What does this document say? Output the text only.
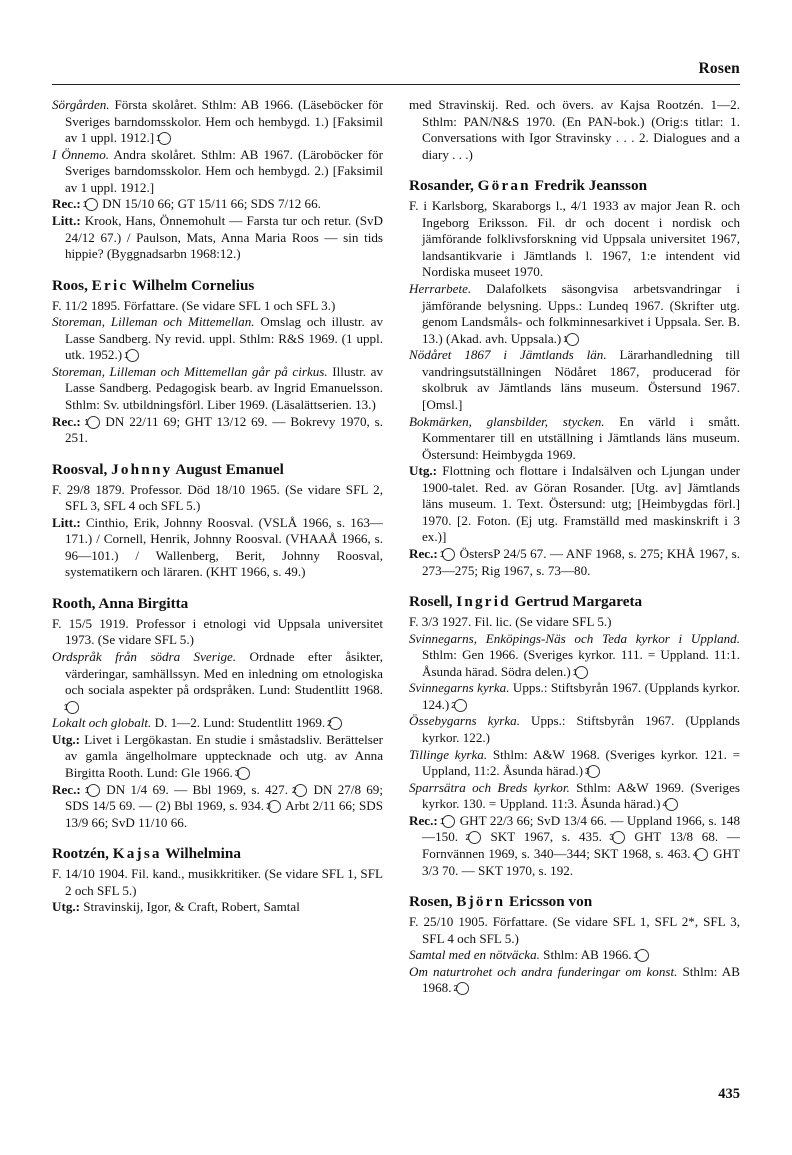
Rosen

Sörgården. Första skolåret. Sthlm: AB 1966. (Läseböcker för Sveriges barndomsskolor. Hem och hembygd. 1.) [Faksimil av 1 uppl. 1912.] 1

I Önnemo. Andra skolåret. Sthlm: AB 1967. (Läroböcker för Sveriges barndomsskolor. Hem och hembygd. 2.) [Faksimil av 1 uppl. 1912.]

Rec.: 1 DN 15/10 66; GT 15/11 66; SDS 7/12 66.

Litt.: Krook, Hans, Önnemohult — Farsta tur och retur. (SvD 24/12 67.) / Paulson, Mats, Anna Maria Roos — sin tids hippie? (Byggnadsarbn 1968:12.)

Roos, Eric Wilhelm Cornelius

F. 11/2 1895. Författare. (Se vidare SFL 1 och SFL 3.)

Storeman, Lilleman och Mittemellan. Omslag och illustr. av Lasse Sandberg. Ny revid. uppl. Sthlm: R&S 1969. (1 uppl. utk. 1952.) 1

Storeman, Lilleman och Mittemellan går på cirkus. Illustr. av Lasse Sandberg. Pedagogisk bearb. av Ingrid Emanuelsson. Sthlm: Sv. utbildningsförl. Liber 1969. (Läsalättserien. 13.)

Rec.: 1 DN 22/11 69; GHT 13/12 69. — Bokrevy 1970, s. 251.

Roosval, Johnny August Emanuel

F. 29/8 1879. Professor. Död 18/10 1965. (Se vidare SFL 2, SFL 3, SFL 4 och SFL 5.)

Litt.: Cinthio, Erik, Johnny Roosval. (VSLÅ 1966, s. 163—171.) / Cornell, Henrik, Johnny Roosval. (VHAAÅ 1966, s. 96—101.) / Wallenberg, Berit, Johnny Roosval, systematikern och läraren. (KHT 1966, s. 49.)

Rooth, Anna Birgitta

F. 15/5 1919. Professor i etnologi vid Uppsala universitet 1973. (Se vidare SFL 5.)

Ordspråk från södra Sverige. Ordnade efter åsikter, värderingar, samhällssyn. Med en inledning om etnologiska och sociala aspekter på ordspråken. Lund: Studentlitt 1968. 1

Lokalt och globalt. D. 1—2. Lund: Studentlitt 1969. 2

Utg.: Livet i Lergökastan. En studie i småstadsliv. Berättelser av gamla ängelholmare upptecknade och utg. av Anna Birgitta Rooth. Lund: Gle 1966. 3

Rec.: 1 DN 1/4 69. — Bbl 1969, s. 427. 2 DN 27/8 69; SDS 14/5 69. — (2) Bbl 1969, s. 934. 3 Arbt 2/11 66; SDS 13/9 66; SvD 11/10 66.

Rootzén, Kajsa Wilhelmina

F. 14/10 1904. Fil. kand., musikkritiker. (Se vidare SFL 1, SFL 2 och SFL 5.)

Utg.: Stravinskij, Igor, & Craft, Robert, Samtal

med Stravinskij. Red. och övers. av Kajsa Rootzén. 1—2. Sthlm: PAN/N&S 1970. (En PAN-bok.) (Orig:s titlar: 1. Conversations with Igor Stravinsky . . . 2. Dialogues and a diary . . .)

Rosander, Göran Fredrik Jeansson

F. i Karlsborg, Skaraborgs l., 4/1 1933 av major Jean R. och Ingeborg Eriksson. Fil. dr och docent i nordisk och jämförande folklivsforskning vid Uppsala universitet 1967, landsantikvarie i Jämtlands l. 1967, 1:e intendent vid Nordiska museet 1970.

Herrarbete. Dalafolkets säsongvisa arbetsvandringar i jämförande belysning. Upps.: Lundeq 1967. (Skrifter utg. genom Landsmåls- och folkminnesarkivet i Uppsala. Ser. B. 13.) (Akad. avh. Uppsala.) 1

Nödåret 1867 i Jämtlands län. Lärarhandledning till vandringsutställningen Nödåret 1867, producerad för skolbruk av Jämtlands läns museum. Östersund 1967. [Omsl.]

Bokmärken, glansbilder, stycken. En värld i smått. Kommentarer till en utställning i Jämtlands läns museum. Östersund: Heimbygda 1969.

Utg.: Flottning och flottare i Indalsälven och Ljungan under 1900-talet. Red. av Göran Rosander. [Utg. av] Jämtlands läns museum. 1. Text. Östersund: utg; [Heimbygdas förl.] 1970. [2. Foton. (Ej utg. Framställd med maskinskrift i 3 ex.)]

Rec.: 1 ÖstersP 24/5 67. — ANF 1968, s. 275; KHÅ 1967, s. 273—275; Rig 1967, s. 73—80.

Rosell, Ingrid Gertrud Margareta

F. 3/3 1927. Fil. lic. (Se vidare SFL 5.)

Svinnegarns, Enköpings-Näs och Teda kyrkor i Uppland. Sthlm: Gen 1966. (Sveriges kyrkor. 111. = Uppland. 11:1. Åsunda härad. Södra delen.) 1

Svinnegarns kyrka. Upps.: Stiftsbyrån 1967. (Upplands kyrkor. 124.) 2

Össebygarns kyrka. Upps.: Stiftsbyrån 1967. (Upplands kyrkor. 122.)

Tillinge kyrka. Sthlm: A&W 1968. (Sveriges kyrkor. 121. = Uppland, 11:2. Åsunda härad.) 3

Sparrsätra och Breds kyrkor. Sthlm: A&W 1969. (Sveriges kyrkor. 130. = Uppland. 11:3. Åsunda härad.) 4

Rec.: 1 GHT 22/3 66; SvD 13/4 66. — Uppland 1966, s. 148—150. 2 SKT 1967, s. 435. 3 GHT 13/8 68. — Fornvännen 1969, s. 340—344; SKT 1968, s. 463. 4 GHT 3/3 70. — SKT 1970, s. 192.

Rosen, Björn Ericsson von

F. 25/10 1905. Författare. (Se vidare SFL 1, SFL 2*, SFL 3, SFL 4 och SFL 5.)

Samtal med en nötväcka. Sthlm: AB 1966. 1

Om naturtrohet och andra funderingar om konst. Sthlm: AB 1968. 2

435
